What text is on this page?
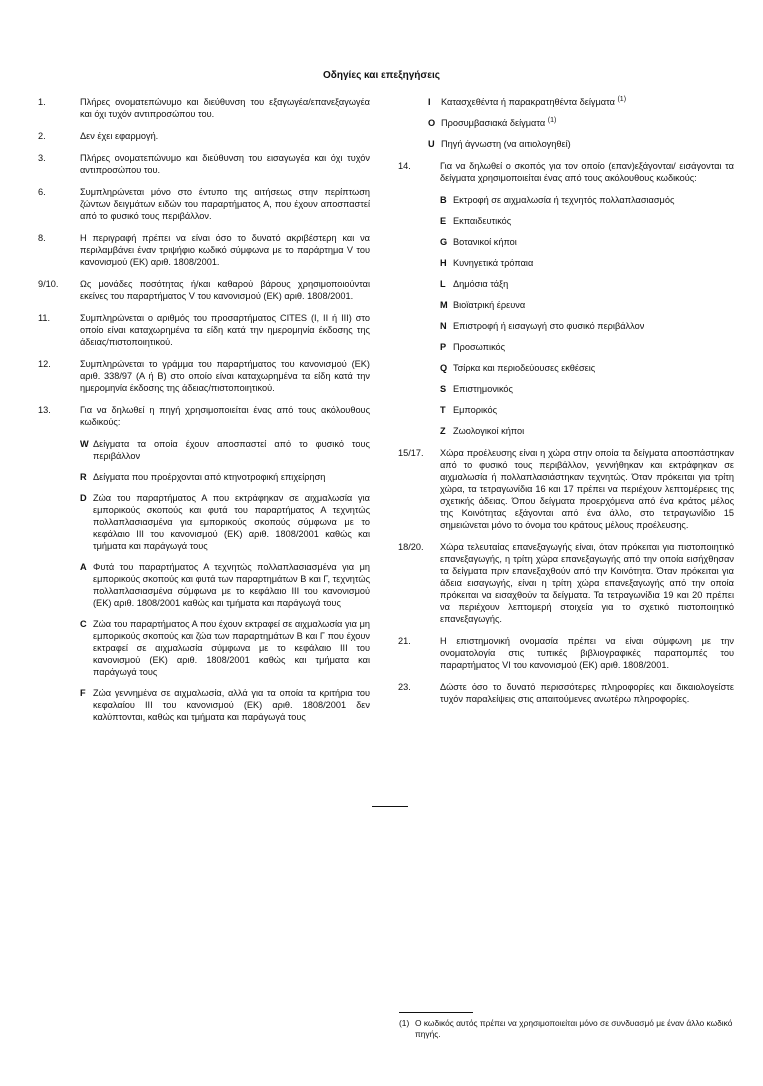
Οδηγίες και επεξηγήσεις
1.	Πλήρες ονοματεπώνυμο και διεύθυνση του εξαγωγέα/επανεξαγωγέα και όχι τυχόν αντιπροσώπου του.
2.	Δεν έχει εφαρμογή.
3.	Πλήρες ονοματεπώνυμο και διεύθυνση του εισαγωγέα και όχι τυχόν αντιπροσώπου του.
6.	Συμπληρώνεται μόνο στο έντυπο της αιτήσεως στην περίπτωση ζώντων δειγμάτων ειδών του παραρτήματος Α, που έχουν αποσπαστεί από το φυσικό τους περιβάλλον.
8.	Η περιγραφή πρέπει να είναι όσο το δυνατό ακριβέστερη και να περιλαμβάνει έναν τριψήφιο κωδικό σύμφωνα με το παράρτημα V του κανονισμού (ΕΚ) αριθ. 1808/2001.
9/10.	Ως μονάδες ποσότητας ή/και καθαρού βάρους χρησιμοποιούνται εκείνες του παραρτήματος V του κανονισμού (ΕΚ) αριθ. 1808/2001.
11.	Συμπληρώνεται ο αριθμός του προσαρτήματος CITES (I, II ή III) στο οποίο είναι καταχωρημένα τα είδη κατά την ημερομηνία έκδοσης της άδειας/πιστοποιητικού.
12.	Συμπληρώνεται το γράμμα του παραρτήματος του κανονισμού (ΕΚ) αριθ. 338/97 (Α ή Β) στο οποίο είναι καταχωρημένα τα είδη κατά την ημερομηνία έκδοσης της άδειας/πιστοποιητικού.
13.	Για να δηλωθεί η πηγή χρησιμοποιείται ένας από τους ακόλουθους κωδικούς:
W Δείγματα τα οποία έχουν αποσπαστεί από το φυσικό τους περιβάλλον
R Δείγματα που προέρχονται από κτηνοτροφική επιχείρηση
D Ζώα του παραρτήματος Α που εκτράφηκαν σε αιχμαλωσία για εμπορικούς σκοπούς και φυτά του παραρτήματος Α τεχνητώς πολλαπλασιασμένα για εμπορικούς σκοπούς σύμφωνα με το κεφάλαιο III του κανονισμού (ΕΚ) αριθ. 1808/2001 καθώς και τμήματα και παράγωγά τους
A Φυτά του παραρτήματος Α τεχνητώς πολλαπλασιασμένα για μη εμπορικούς σκοπούς και φυτά των παραρτημάτων Β και Γ, τεχνητώς πολλαπλασιασμένα σύμφωνα με το κεφάλαιο III του κανονισμού (ΕΚ) αριθ. 1808/2001 καθώς και τμήματα και παράγωγά τους
C Ζώα του παραρτήματος Α που έχουν εκτραφεί σε αιχμαλωσία για μη εμπορικούς σκοπούς και ζώα των παραρτημάτων Β και Γ που έχουν εκτραφεί σε αιχμαλωσία σύμφωνα με το κεφάλαιο III του κανονισμού (ΕΚ) αριθ. 1808/2001 καθώς και τμήματα και παράγωγά τους
F Ζώα γεννημένα σε αιχμαλωσία, αλλά για τα οποία τα κριτήρια του κεφαλαίου III του κανονισμού (ΕΚ) αριθ. 1808/2001 δεν καλύπτονται, καθώς και τμήματα και παράγωγά τους
I	Κατασχεθέντα ή παρακρατηθέντα δείγματα $^{(1)}$
O Προσυμβασιακά δείγματα $^{(1)}$
U Πηγή άγνωστη (να αιτιολογηθεί)
14.	Για να δηλωθεί ο σκοπός για τον οποίο (επαν)εξάγονται/ εισάγονται τα δείγματα χρησιμοποιείται ένας από τους ακόλουθους κωδικούς:
B Εκτροφή σε αιχμαλωσία ή τεχνητός πολλαπλασιασμός
E Εκπαιδευτικός
G Βοτανικοί κήποι
H Κυνηγετικά τρόπαια
L Δημόσια τάξη
M Βιοϊατρική έρευνα
N Επιστροφή ή εισαγωγή στο φυσικό περιβάλλον
P Προσωπικός
Q Τσίρκα και περιοδεύουσες εκθέσεις
S Επιστημονικός
T Εμπορικός
Z Ζωολογικοί κήποι
15/17.	Χώρα προέλευσης είναι η χώρα στην οποία τα δείγματα αποσπάστηκαν από το φυσικό τους περιβάλλον, γεννήθηκαν και εκτράφηκαν σε αιχμαλωσία ή πολλαπλασιάστηκαν τεχνητώς. Όταν πρόκειται για τρίτη χώρα, τα τετραγωνίδια 16 και 17 πρέπει να περιέχουν λεπτομέρειες της σχετικής άδειας. Όπου δείγματα προερχόμενα από ένα κράτος μέλος της Κοινότητας εξάγονται από ένα άλλο, στο τετραγωνίδιο 15 σημειώνεται μόνο το όνομα του κράτους μέλους προέλευσης.
18/20.	Χώρα τελευταίας επανεξαγωγής είναι, όταν πρόκειται για πιστοποιητικό επανεξαγωγής, η τρίτη χώρα επανεξαγωγής από την οποία εισήχθησαν τα δείγματα πριν επανεξαχθούν από την Κοινότητα. Όταν πρόκειται για άδεια εισαγωγής, είναι η τρίτη χώρα επανεξαγωγής από την οποία πρόκειται να εισαχθούν τα δείγματα. Τα τετραγωνίδια 19 και 20 πρέπει να περιέχουν λεπτομερή στοιχεία για το σχετικό πιστοποιητικό επανεξαγωγής.
21.	Η επιστημονική ονομασία πρέπει να είναι σύμφωνη με την ονοματολογία στις τυπικές βιβλιογραφικές παραπομπές του παραρτήματος VI του κανονισμού (ΕΚ) αριθ. 1808/2001.
23.	Δώστε όσο το δυνατό περισσότερες πληροφορίες και δικαιολογείστε τυχόν παραλείψεις στις απαιτούμενες ανωτέρω πληροφορίες.
(1) Ο κωδικός αυτός πρέπει να χρησιμοποιείται μόνο σε συνδυασμό με έναν άλλο κωδικό πηγής.
